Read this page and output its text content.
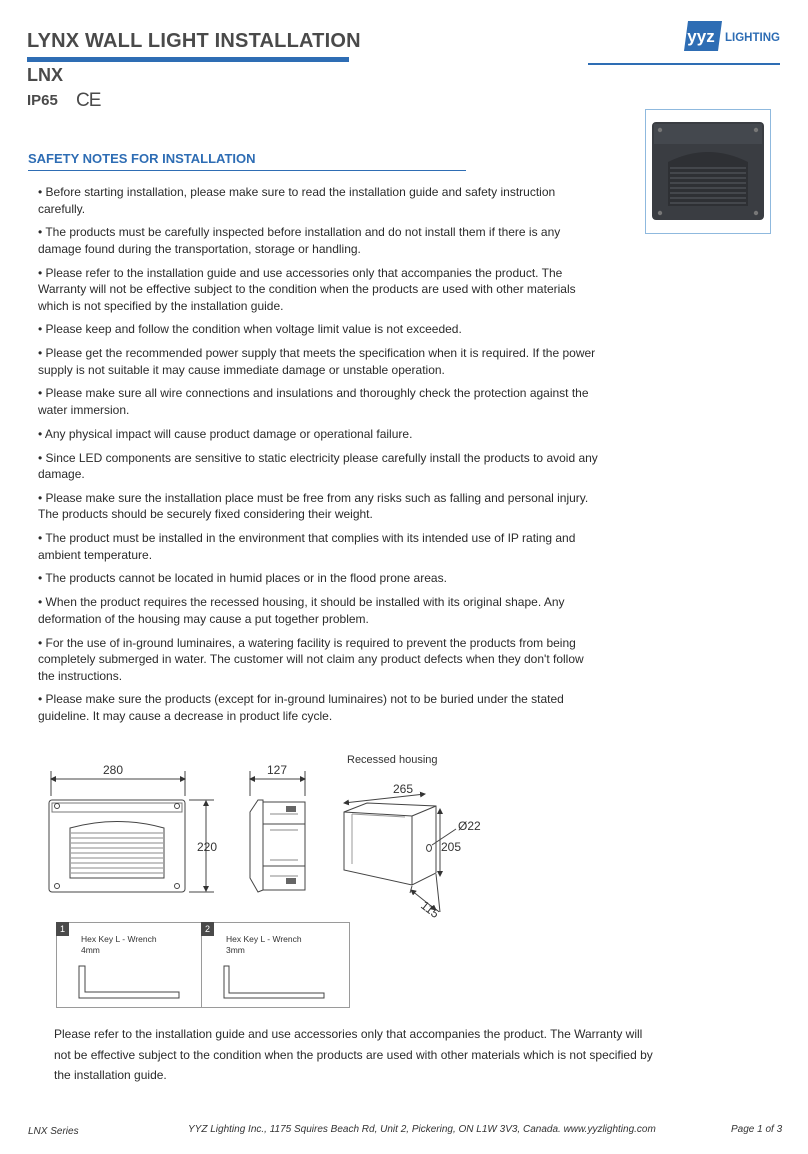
LYNX WALL LIGHT INSTALLATION
LNX
IP65 CE
yyz LIGHTING
SAFETY NOTES FOR INSTALLATION

• Before starting installation, please make sure to read the installation guide and safety instruction carefully.

• The products must be carefully inspected before installation and do not install them if there is any damage found during the transportation, storage or handling.

• Please refer to the installation guide and use accessories only that accompanies the product. The Warranty will not be effective subject to the condition when the products are used with other materials which is not specified by the installation guide.

• Please keep and follow the condition when voltage limit value is not exceeded.

• Please get the recommended power supply that meets the specification when it is required. If the power supply is not suitable it may cause immediate damage or unstable operation.

• Please make sure all wire connections and insulations and thoroughly check the protection against the water immersion.

• Any physical impact will cause product damage or operational failure.

• Since LED components are sensitive to static electricity please carefully install the products to avoid any damage.

• Please make sure the installation place must be free from any risks such as falling and personal injury. The products should be securely fixed considering their weight.

• The product must be installed in the environment that complies with its intended use of IP rating and ambient temperature.

• The products cannot be located in humid places or in the flood prone areas.

• When the product requires the recessed housing, it should be installed with its original shape. Any deformation of the housing may cause a put together problem.

• For the use of in-ground luminaires, a watering facility is required to prevent the products from being completely submerged in water. The customer will not claim any product defects when they don't follow the instructions.

• Please make sure the products (except for in-ground luminaires) not to be buried under the stated guideline. It may cause a decrease in product life cycle.

280
220
127
Recessed housing
265
Ø22
205
115
1
Hex Key L - Wrench
4mm
2
Hex Key L - Wrench
3mm
Please refer to the installation guide and use accessories only that accompanies the product. The Warranty will not be effective subject to the condition when the products are used with other materials which is not specified by the installation guide.
LNX Series	YYZ Lighting Inc., 1175 Squires Beach Rd, Unit 2, Pickering, ON L1W 3V3, Canada. www.yyzlighting.com	Page 1 of 3
